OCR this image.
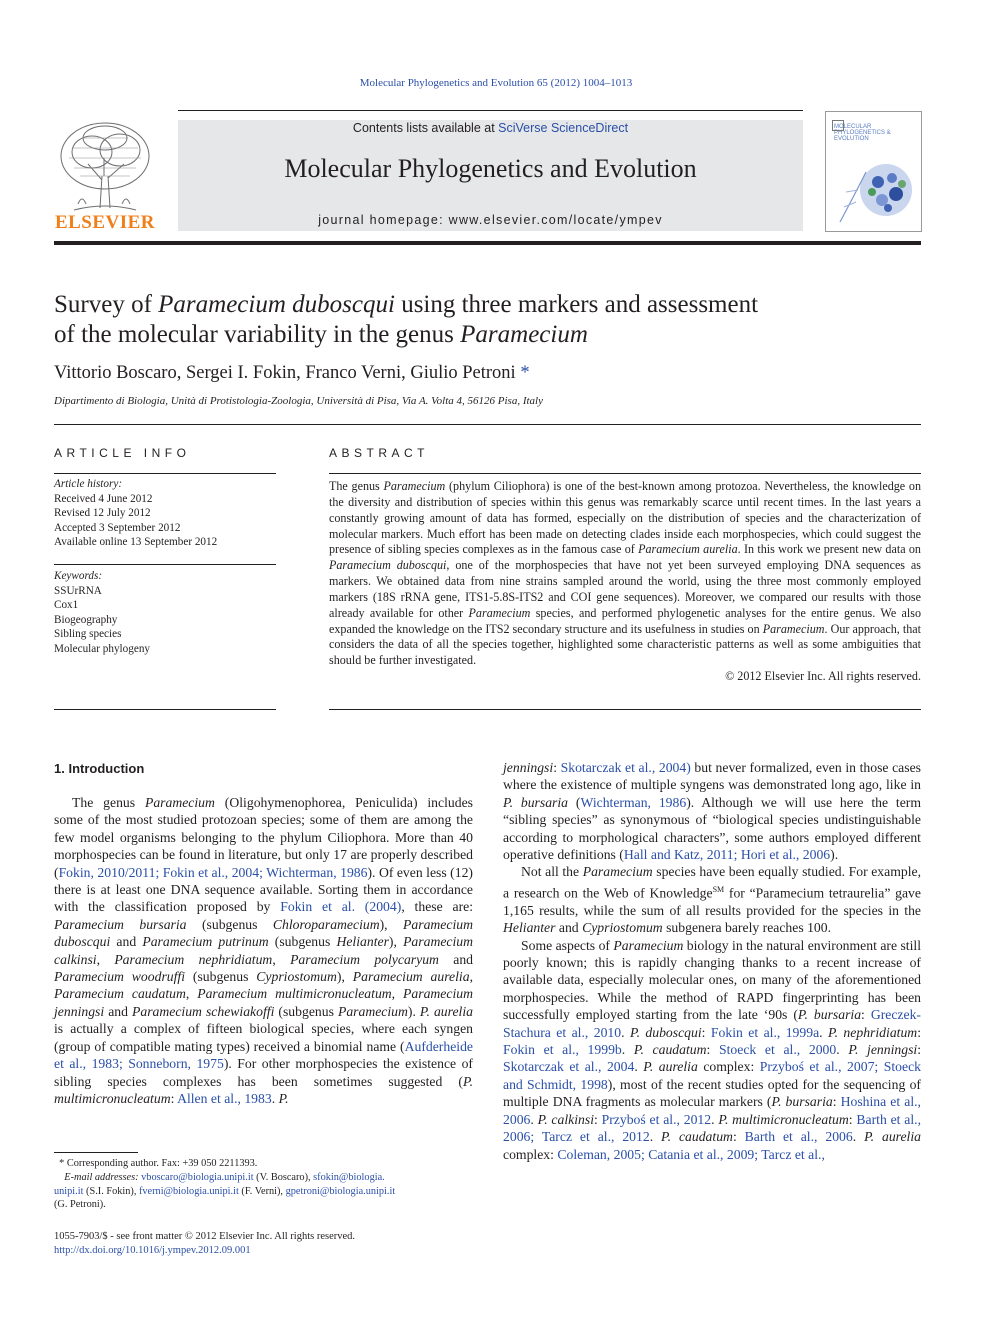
Molecular Phylogenetics and Evolution 65 (2012) 1004–1013
Contents lists available at SciVerse ScienceDirect
Molecular Phylogenetics and Evolution
journal homepage: www.elsevier.com/locate/ympev
ELSEVIER
MOLECULAR PHYLOGENETICS & EVOLUTION
Survey of Paramecium duboscqui using three markers and assessment
of the molecular variability in the genus Paramecium
Vittorio Boscaro, Sergei I. Fokin, Franco Verni, Giulio Petroni *
Dipartimento di Biologia, Unità di Protistologia-Zoologia, Università di Pisa, Via A. Volta 4, 56126 Pisa, Italy
ARTICLE INFO
Article history:
Received 4 June 2012
Revised 12 July 2012
Accepted 3 September 2012
Available online 13 September 2012
Keywords:
SSUrRNA
Cox1
Biogeography
Sibling species
Molecular phylogeny
ABSTRACT
The genus Paramecium (phylum Ciliophora) is one of the best-known among protozoa. Nevertheless, the knowledge on the diversity and distribution of species within this genus was remarkably scarce until recent times. In the last years a constantly growing amount of data has formed, especially on the distribution of species and the characterization of molecular markers. Much effort has been made on detecting clades inside each morphospecies, which could suggest the presence of sibling species complexes as in the famous case of Paramecium aurelia. In this work we present new data on Paramecium duboscqui, one of the morphospecies that have not yet been surveyed employing DNA sequences as markers. We obtained data from nine strains sampled around the world, using the three most commonly employed markers (18S rRNA gene, ITS1-5.8S-ITS2 and COI gene sequences). Moreover, we compared our results with those already available for other Paramecium species, and performed phylogenetic analyses for the entire genus. We also expanded the knowledge on the ITS2 secondary structure and its usefulness in studies on Paramecium. Our approach, that considers the data of all the species together, highlighted some characteristic patterns as well as some ambiguities that should be further investigated.
© 2012 Elsevier Inc. All rights reserved.
1. Introduction

The genus Paramecium (Oligohymenophorea, Peniculida) includes some of the most studied protozoan species; some of them are among the few model organisms belonging to the phylum Ciliophora. More than 40 morphospecies can be found in literature, but only 17 are properly described (Fokin, 2010/2011; Fokin et al., 2004; Wichterman, 1986). Of even less (12) there is at least one DNA sequence available. Sorting them in accordance with the classification proposed by Fokin et al. (2004), these are: Paramecium bursaria (subgenus Chloroparamecium), Paramecium duboscqui and Paramecium putrinum (subgenus Helianter), Paramecium calkinsi, Paramecium nephridiatum, Paramecium polycaryum and Paramecium woodruffi (subgenus Cypriostomum), Paramecium aurelia, Paramecium caudatum, Paramecium multimicronucleatum, Paramecium jenningsi and Paramecium schewiakoffi (subgenus Paramecium). P. aurelia is actually a complex of fifteen biological species, where each syngen (group of compatible mating types) received a binomial name (Aufderheide et al., 1983; Sonneborn, 1975). For other morphospecies the existence of sibling species complexes has been sometimes suggested (P. multimicronucleatum: Allen et al., 1983. P.

* Corresponding author. Fax: +39 050 2211393.
E-mail addresses: vboscaro@biologia.unipi.it (V. Boscaro), sfokin@biologia.
unipi.it (S.I. Fokin), fverni@biologia.unipi.it (F. Verni), gpetroni@biologia.unipi.it
(G. Petroni).
1055-7903/$ - see front matter © 2012 Elsevier Inc. All rights reserved.
http://dx.doi.org/10.1016/j.ympev.2012.09.001

jenningsi: Skotarczak et al., 2004) but never formalized, even in those cases where the existence of multiple syngens was demonstrated long ago, like in P. bursaria (Wichterman, 1986). Although we will use here the term “sibling species” as synonymous of “biological species undistinguishable according to morphological characters”, some authors employed different operative definitions (Hall and Katz, 2011; Hori et al., 2006).

Not all the Paramecium species have been equally studied. For example, a research on the Web of Knowledge℠ for “Paramecium tetraurelia” gave 1,165 results, while the sum of all results provided for the species in the Helianter and Cypriostomum subgenera barely reaches 100.

Some aspects of Paramecium biology in the natural environment are still poorly known; this is rapidly changing thanks to a recent increase of available data, especially molecular ones, on many of the aforementioned morphospecies. While the method of RAPD fingerprinting has been successfully employed starting from the late ‘90s (P. bursaria: Greczek-Stachura et al., 2010. P. duboscqui: Fokin et al., 1999a. P. nephridiatum: Fokin et al., 1999b. P. caudatum: Stoeck et al., 2000. P. jenningsi: Skotarczak et al., 2004. P. aurelia complex: Przyboś et al., 2007; Stoeck and Schmidt, 1998), most of the recent studies opted for the sequencing of multiple DNA fragments as molecular markers (P. bursaria: Hoshina et al., 2006. P. calkinsi: Przyboś et al., 2012. P. multimicronucleatum: Barth et al., 2006; Tarcz et al., 2012. P. caudatum: Barth et al., 2006. P. aurelia complex: Coleman, 2005; Catania et al., 2009; Tarcz et al.,
